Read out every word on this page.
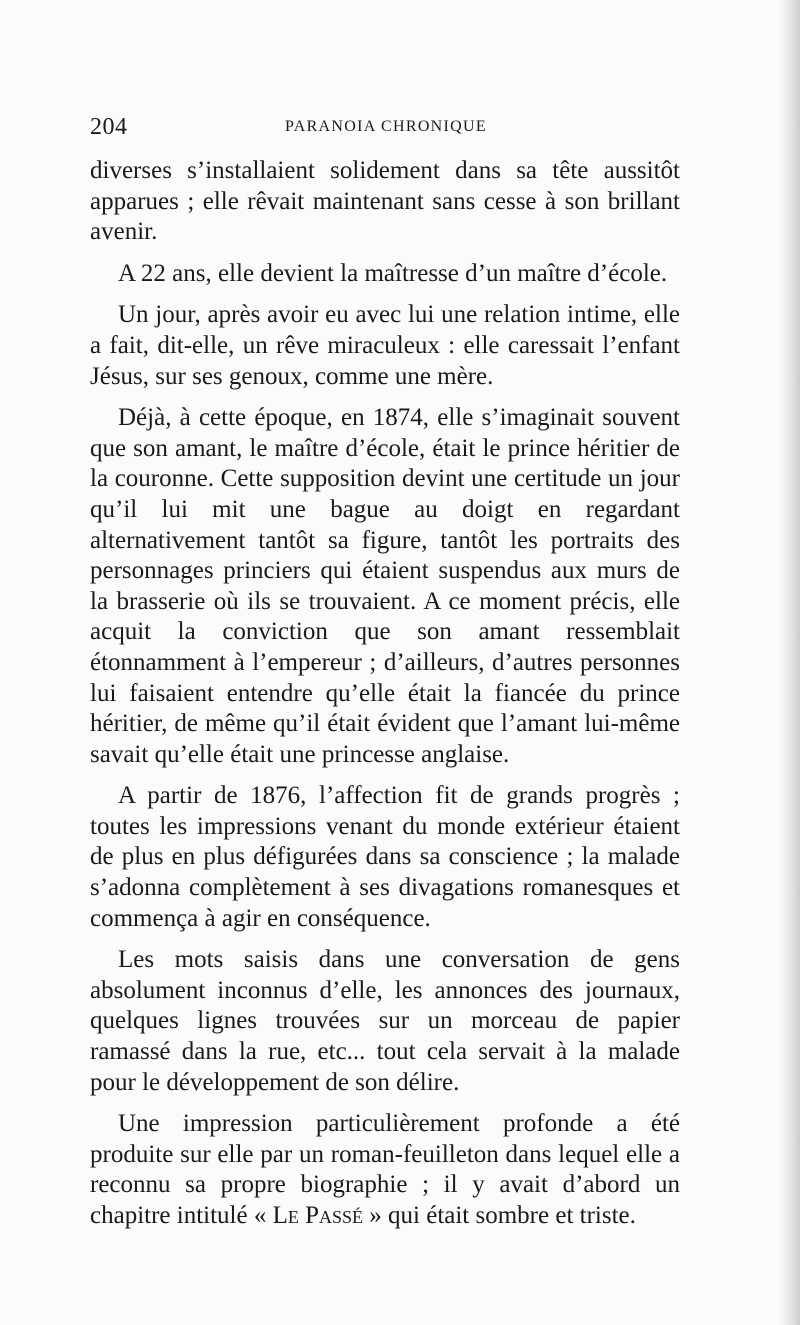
204	PARANOIA CHRONIQUE

diverses s’installaient solidement dans sa tête aussitôt apparues ; elle rêvait maintenant sans cesse à son brillant avenir.

A 22 ans, elle devient la maîtresse d’un maître d’école.

Un jour, après avoir eu avec lui une relation intime, elle a fait, dit-elle, un rêve miraculeux : elle caressait l’enfant Jésus, sur ses genoux, comme une mère.

Déjà, à cette époque, en 1874, elle s’imaginait souvent que son amant, le maître d’école, était le prince héritier de la couronne. Cette supposition devint une certitude un jour qu’il lui mit une bague au doigt en regardant alternativement tantôt sa figure, tantôt les portraits des personnages princiers qui étaient suspendus aux murs de la brasserie où ils se trouvaient. A ce moment précis, elle acquit la conviction que son amant ressemblait étonnamment à l’empereur ; d’ailleurs, d’autres personnes lui faisaient entendre qu’elle était la fiancée du prince héritier, de même qu’il était évident que l’amant lui-même savait qu’elle était une princesse anglaise.

A partir de 1876, l’affection fit de grands progrès ; toutes les impressions venant du monde extérieur étaient de plus en plus défigurées dans sa conscience ; la malade s’adonna complètement à ses divagations romanesques et commença à agir en conséquence.

Les mots saisis dans une conversation de gens absolument inconnus d’elle, les annonces des journaux, quelques lignes trouvées sur un morceau de papier ramassé dans la rue, etc... tout cela servait à la malade pour le développement de son délire.

Une impression particulièrement profonde a été produite sur elle par un roman-feuilleton dans lequel elle a reconnu sa propre biographie ; il y avait d’abord un chapitre intitulé « Le Passé » qui était sombre et triste.
